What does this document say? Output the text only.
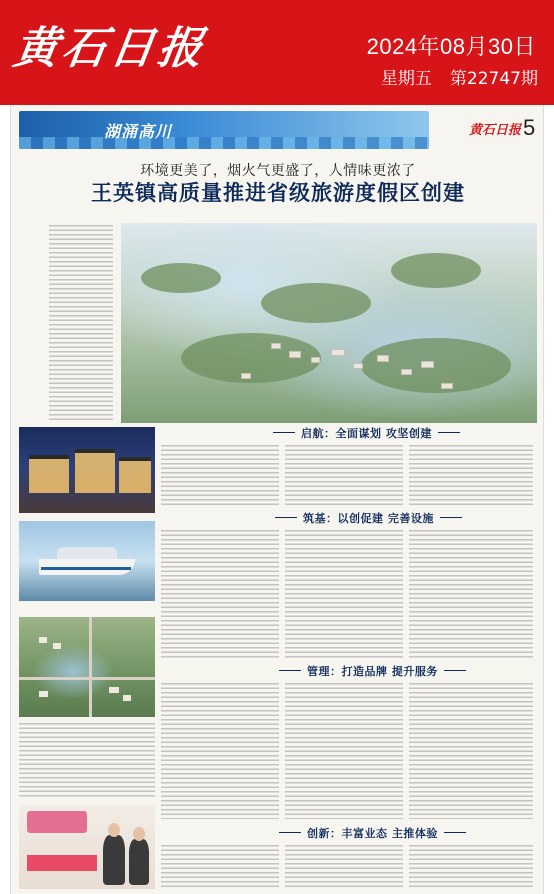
黄石日报	2024年08月30日
星期五 第22747期
湖涌高川	黄石日报 5
环境更美了，烟火气更盛了，人情味更浓了
王英镇高质量推进省级旅游度假区创建
启航：全面谋划 攻坚创建
筑基：以创促建 完善设施
管理：打造品牌 提升服务
创新：丰富业态 主推体验
